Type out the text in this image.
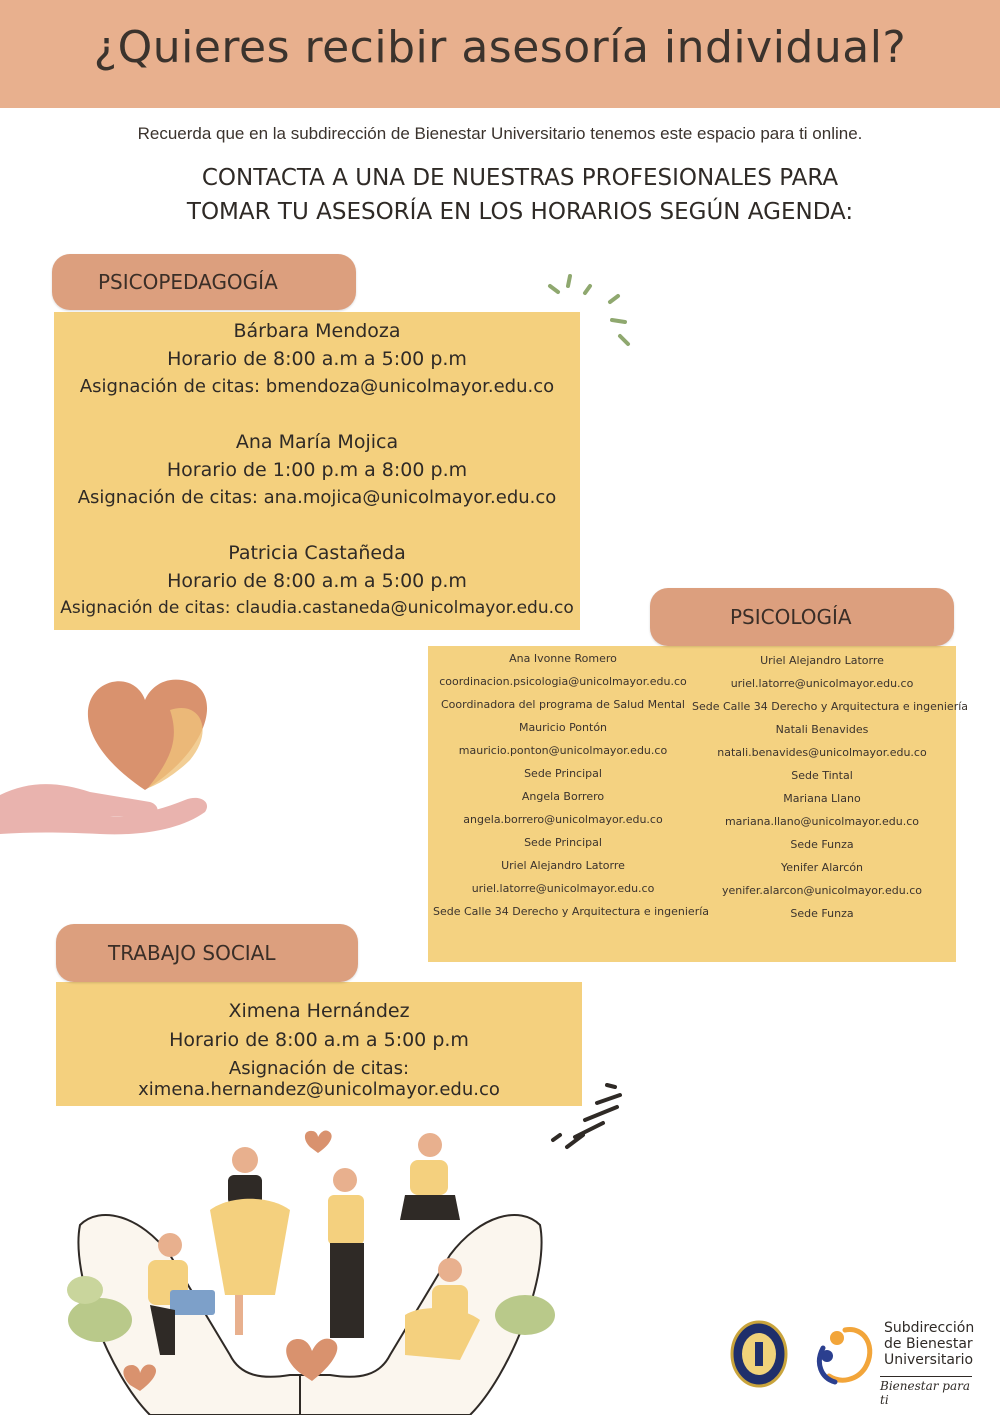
¿Quieres recibir asesoría individual?
Recuerda que en la subdirección de Bienestar Universitario tenemos este espacio para ti online.
CONTACTA A UNA DE NUESTRAS PROFESIONALES PARA
TOMAR TU ASESORÍA EN LOS HORARIOS SEGÚN AGENDA:
Bárbara Mendoza
Horario de 8:00 a.m a 5:00 p.m
Asignación de citas: bmendoza@unicolmayor.edu.co
Ana María Mojica
Horario de 1:00 p.m a 8:00 p.m
Asignación de citas: ana.mojica@unicolmayor.edu.co
Patricia Castañeda
Horario de 8:00 a.m a 5:00 p.m
Asignación de citas: claudia.castaneda@unicolmayor.edu.co
PSICOPEDAGOGÍA
Ana Ivonne Romero
coordinacion.psicologia@unicolmayor.edu.co
Coordinadora del programa de Salud Mental
Mauricio Pontón
mauricio.ponton@unicolmayor.edu.co
Sede Principal
Angela Borrero
angela.borrero@unicolmayor.edu.co
Sede Principal
Uriel Alejandro Latorre
uriel.latorre@unicolmayor.edu.co
Sede Calle 34 Derecho y Arquitectura e ingeniería
Uriel Alejandro Latorre
uriel.latorre@unicolmayor.edu.co
Sede Calle 34 Derecho y Arquitectura e ingeniería
Natali Benavides
natali.benavides@unicolmayor.edu.co
Sede Tintal
Mariana Llano
mariana.llano@unicolmayor.edu.co
Sede Funza
Yenifer Alarcón
yenifer.alarcon@unicolmayor.edu.co
Sede Funza
PSICOLOGÍA
Ximena Hernández
Horario de 8:00 a.m a 5:00 p.m
Asignación de citas: ximena.hernandez@unicolmayor.edu.co
TRABAJO SOCIAL
Subdirección
de Bienestar
Universitario
Bienestar para ti
